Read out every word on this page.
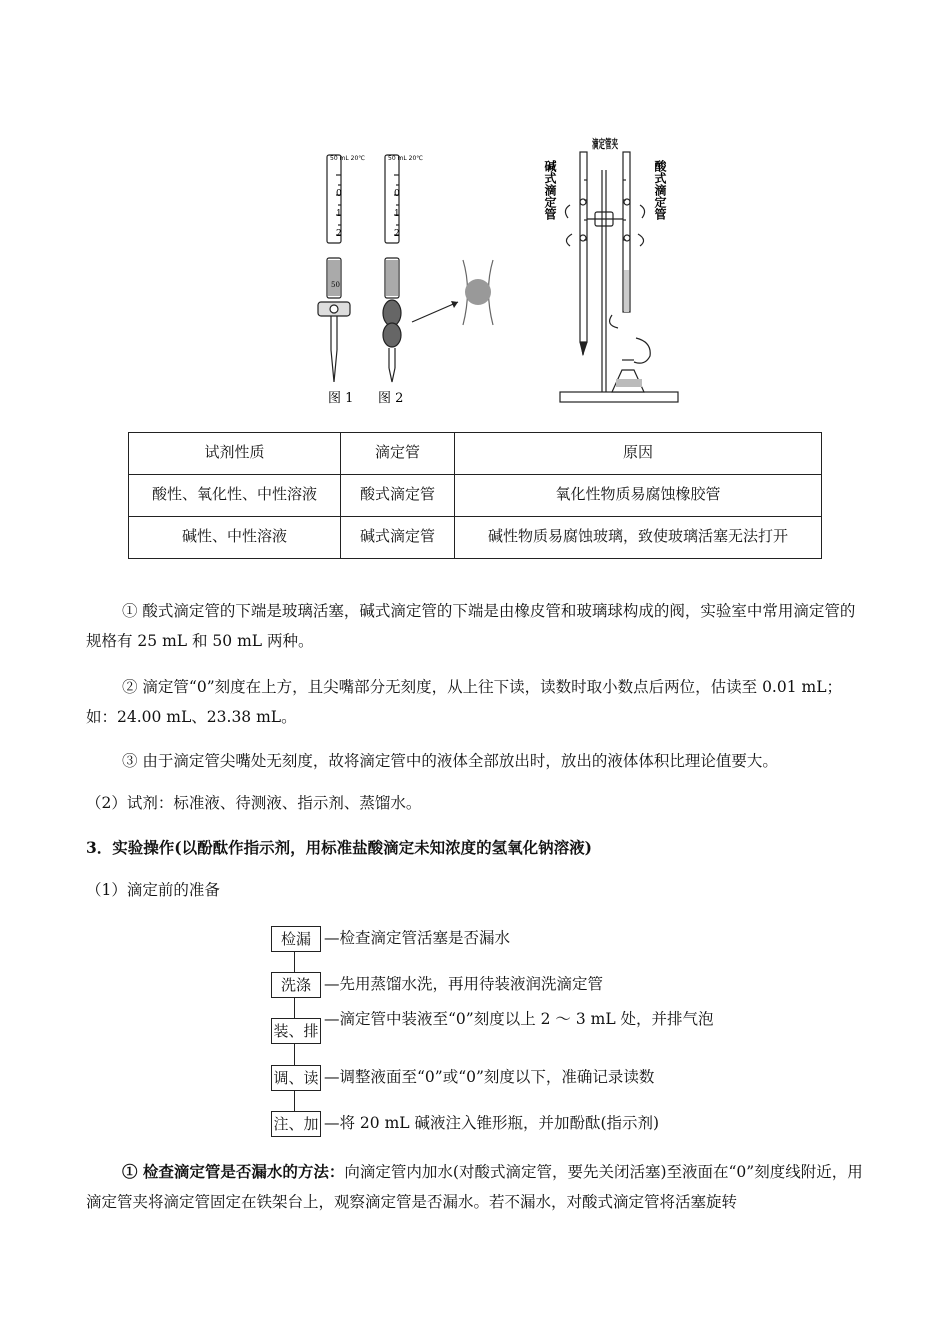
50 mL 20℃
0
1
2
50
50 mL 20℃
0
1
2
图 1 图 2
滴定管夹
碱式滴定管	酸式滴定管
试剂性质	滴定管	原因
酸性、氧化性、中性溶液	酸式滴定管	氧化性物质易腐蚀橡胶管
碱性、中性溶液	碱式滴定管	碱性物质易腐蚀玻璃，致使玻璃活塞无法打开
① 酸式滴定管的下端是玻璃活塞，碱式滴定管的下端是由橡皮管和玻璃球构成的阀，实验室中常用滴定管的规格有 25 mL 和 50 mL 两种。
② 滴定管“0”刻度在上方，且尖嘴部分无刻度，从上往下读，读数时取小数点后两位，估读至 0.01 mL；如：24.00 mL、23.38 mL。
③ 由于滴定管尖嘴处无刻度，故将滴定管中的液体全部放出时，放出的液体体积比理论值要大。
（2）试剂：标准液、待测液、指示剂、蒸馏水。
3．实验操作(以酚酞作指示剂，用标准盐酸滴定未知浓度的氢氧化钠溶液)
（1）滴定前的准备
检漏 —检查滴定管活塞是否漏水
洗涤 —先用蒸馏水洗，再用待装液润洗滴定管
装、排
—滴定管中装液至“0”刻度以上 2 ～ 3 mL 处，并排气泡
调、读 —调整液面至“0”或“0”刻度以下，准确记录读数
注、加 —将 20 mL 碱液注入锥形瓶，并加酚酞(指示剂)
① 检查滴定管是否漏水的方法：向滴定管内加水(对酸式滴定管，要先关闭活塞)至液面在“0”刻度线附近，用滴定管夹将滴定管固定在铁架台上，观察滴定管是否漏水。若不漏水，对酸式滴定管将活塞旋转
